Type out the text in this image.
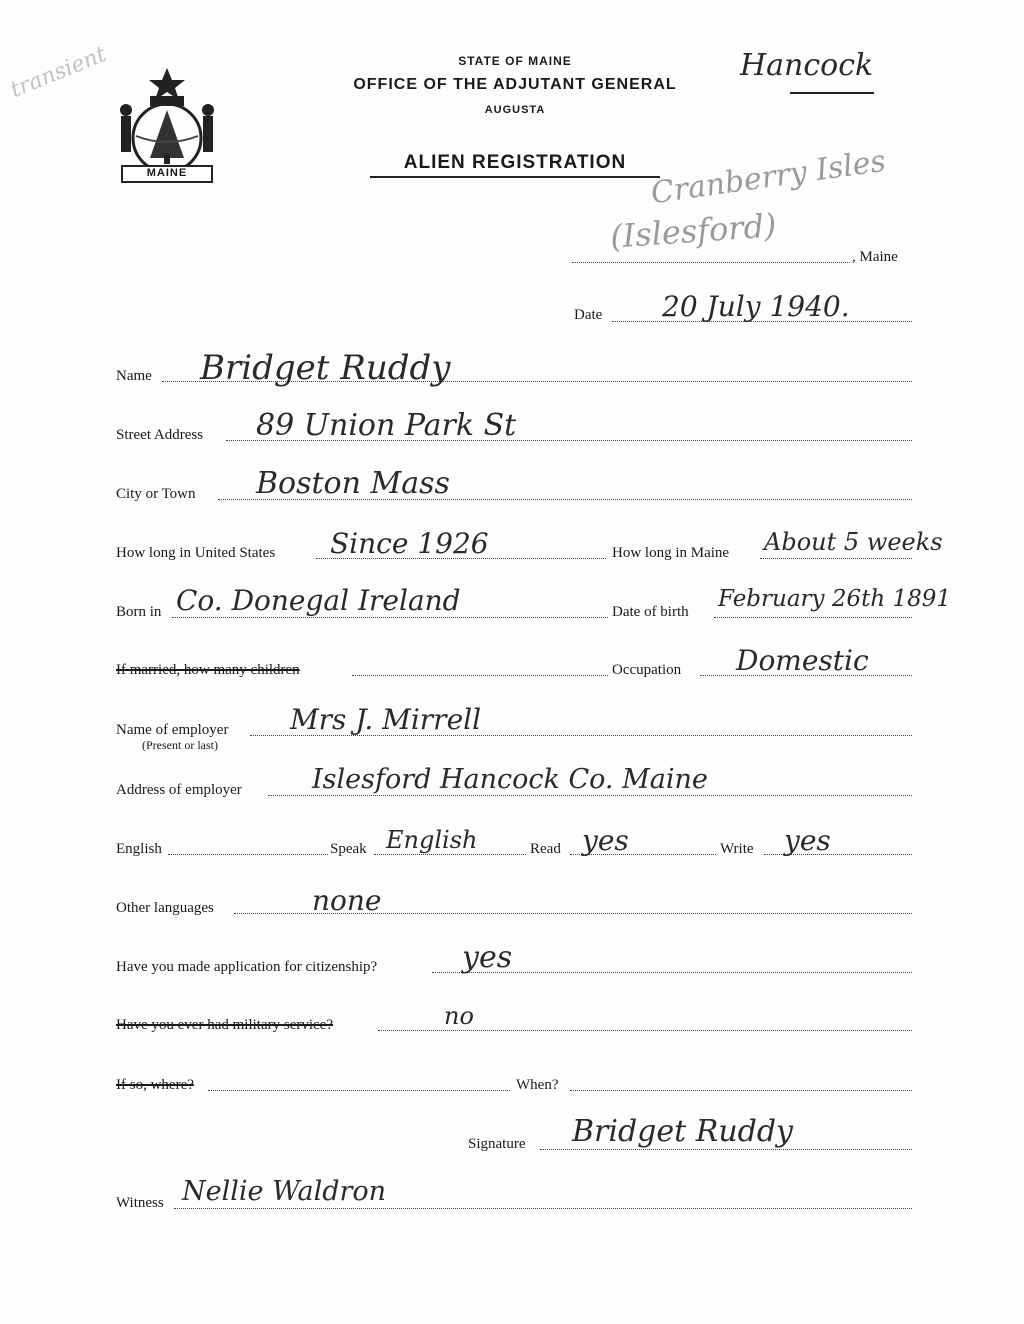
transient
MAINE
STATE OF MAINE
OFFICE OF THE ADJUTANT GENERAL
AUGUSTA
ALIEN REGISTRATION
Hancock
Cranberry Isles
(Islesford)
, Maine
Date 20 July 1940.
Name Bridget Ruddy
Street Address 89 Union Park St
City or Town Boston Mass
How long in United States Since 1926	How long in Maine About 5 weeks
Born in Co. Donegal Ireland	Date of birth February 26th 1891
If married, how many children	Occupation Domestic
Name of employer
(Present or last)
Mrs J. Mirrell
Address of employer	Islesford Hancock Co. Maine
English	Speak English	Read yes	Write yes
Other languages	none
Have you made application for citizenship?	yes
Have you ever had military service?	no
If so, where?	When?
Signature Bridget Ruddy
Witness Nellie Waldron
